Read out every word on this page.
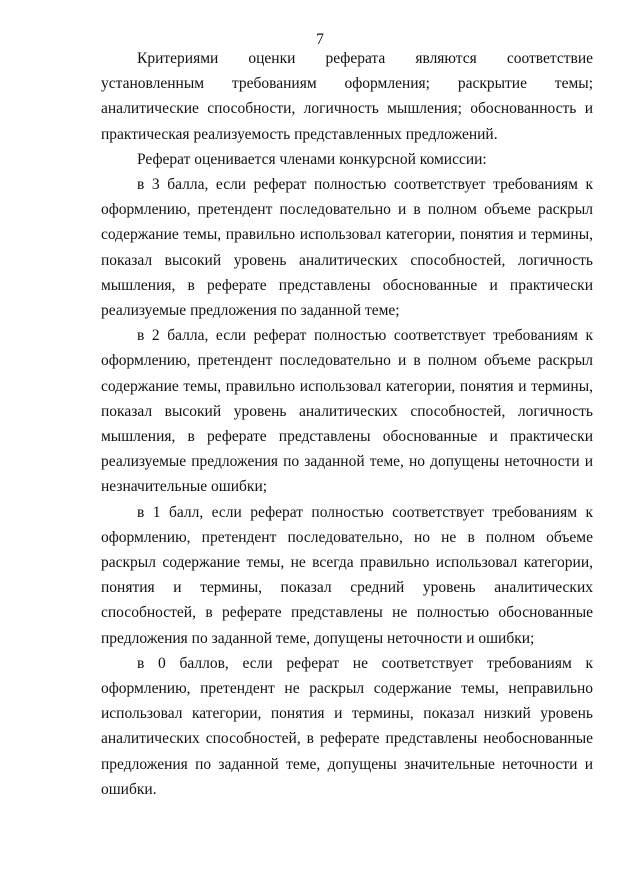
7

Критериями оценки реферата являются соответствие установленным требованиям оформления; раскрытие темы; аналитические способности, логичность мышления; обоснованность и практическая реализуемость представленных предложений.

Реферат оценивается членами конкурсной комиссии:

в 3 балла, если реферат полностью соответствует требованиям к оформлению, претендент последовательно и в полном объеме раскрыл содержание темы, правильно использовал категории, понятия и термины, показал высокий уровень аналитических способностей, логичность мышления, в реферате представлены обоснованные и практически реализуемые предложения по заданной теме;

в 2 балла, если реферат полностью соответствует требованиям к оформлению, претендент последовательно и в полном объеме раскрыл содержание темы, правильно использовал категории, понятия и термины, показал высокий уровень аналитических способностей, логичность мышления, в реферате представлены обоснованные и практически реализуемые предложения по заданной теме, но допущены неточности и незначительные ошибки;

в 1 балл, если реферат полностью соответствует требованиям к оформлению, претендент последовательно, но не в полном объеме раскрыл содержание темы, не всегда правильно использовал категории, понятия и термины, показал средний уровень аналитических способностей, в реферате представлены не полностью обоснованные предложения по заданной теме, допущены неточности и ошибки;

в 0 баллов, если реферат не соответствует требованиям к оформлению, претендент не раскрыл содержание темы, неправильно использовал категории, понятия и термины, показал низкий уровень аналитических способностей, в реферате представлены необоснованные предложения по заданной теме, допущены значительные неточности и ошибки.
